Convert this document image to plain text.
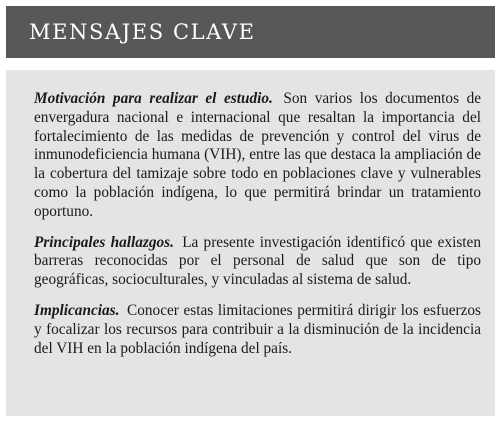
MENSAJES CLAVE

Motivación para realizar el estudio. Son varios los documentos de envergadura nacional e internacional que resaltan la importancia del fortalecimiento de las medidas de prevención y control del virus de inmunodeficiencia humana (VIH), entre las que destaca la ampliación de la cobertura del tamizaje sobre todo en poblaciones clave y vulnerables como la población indígena, lo que permitirá brindar un tratamiento oportuno.

Principales hallazgos. La presente investigación identificó que existen barreras reconocidas por el personal de salud que son de tipo geográficas, socioculturales, y vinculadas al sistema de salud.

Implicancias. Conocer estas limitaciones permitirá dirigir los esfuerzos y focalizar los recursos para contribuir a la disminución de la incidencia del VIH en la población indígena del país.
